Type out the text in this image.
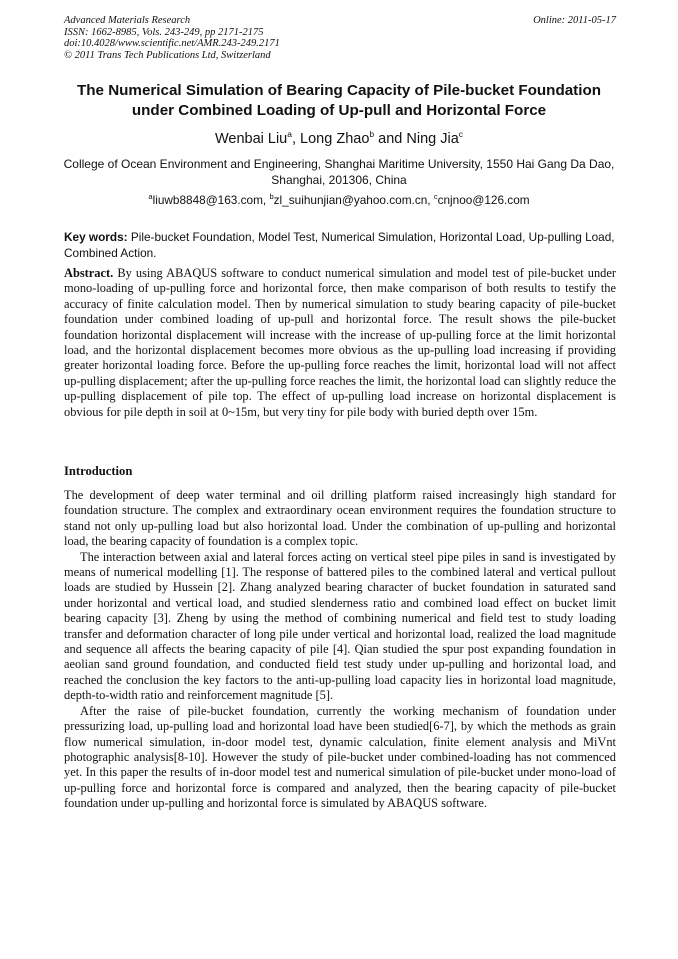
Advanced Materials Research
ISSN: 1662-8985, Vols. 243-249, pp 2171-2175
doi:10.4028/www.scientific.net/AMR.243-249.2171
© 2011 Trans Tech Publications Ltd, Switzerland
Online: 2011-05-17
The Numerical Simulation of Bearing Capacity of Pile-bucket Foundation
under Combined Loading of Up-pull and Horizontal Force
Wenbai Liu$^a$, Long Zhao$^b$ and Ning Jia$^c$
College of Ocean Environment and Engineering, Shanghai Maritime University, 1550 Hai Gang Da Dao, Shanghai, 201306, China
$^a$liuwb8848@163.com, $^b$zl_suihunjian@yahoo.com.cn, $^c$cnjnoo@126.com
Key words: Pile-bucket Foundation, Model Test, Numerical Simulation, Horizontal Load, Up-pulling Load, Combined Action.
Abstract. By using ABAQUS software to conduct numerical simulation and model test of pile-bucket under mono-loading of up-pulling force and horizontal force, then make comparison of both results to testify the accuracy of finite calculation model. Then by numerical simulation to study bearing capacity of pile-bucket foundation under combined loading of up-pull and horizontal force. The result shows the pile-bucket foundation horizontal displacement will increase with the increase of up-pulling force at the limit horizontal load, and the horizontal displacement becomes more obvious as the up-pulling load increasing if providing greater horizontal loading force. Before the up-pulling force reaches the limit, horizontal load will not affect up-pulling displacement; after the up-pulling force reaches the limit, the horizontal load can slightly reduce the up-pulling displacement of pile top. The effect of up-pulling load increase on horizontal displacement is obvious for pile depth in soil at 0~15m, but very tiny for pile body with buried depth over 15m.
Introduction

The development of deep water terminal and oil drilling platform raised increasingly high standard for foundation structure. The complex and extraordinary ocean environment requires the foundation structure to stand not only up-pulling load but also horizontal load. Under the combination of up-pulling and horizontal load, the bearing capacity of foundation is a complex topic.

The interaction between axial and lateral forces acting on vertical steel pipe piles in sand is investigated by means of numerical modelling [1]. The response of battered piles to the combined lateral and vertical pullout loads are studied by Hussein [2]. Zhang analyzed bearing character of bucket foundation in saturated sand under horizontal and vertical load, and studied slenderness ratio and combined load effect on bucket limit bearing capacity [3]. Zheng by using the method of combining numerical and field test to study loading transfer and deformation character of long pile under vertical and horizontal load, realized the load magnitude and sequence all affects the bearing capacity of pile [4]. Qian studied the spur post expanding foundation in aeolian sand ground foundation, and conducted field test study under up-pulling and horizontal load, and reached the conclusion the key factors to the anti-up-pulling load capacity lies in horizontal load magnitude, depth-to-width ratio and reinforcement magnitude [5].

After the raise of pile-bucket foundation, currently the working mechanism of foundation under pressurizing load, up-pulling load and horizontal load have been studied[6-7], by which the methods as grain flow numerical simulation, in-door model test, dynamic calculation, finite element analysis and MiVnt photographic analysis[8-10]. However the study of pile-bucket under combined-loading has not commenced yet. In this paper the results of in-door model test and numerical simulation of pile-bucket under mono-load of up-pulling force and horizontal force is compared and analyzed, then the bearing capacity of pile-bucket foundation under up-pulling and horizontal force is simulated by ABAQUS software.
